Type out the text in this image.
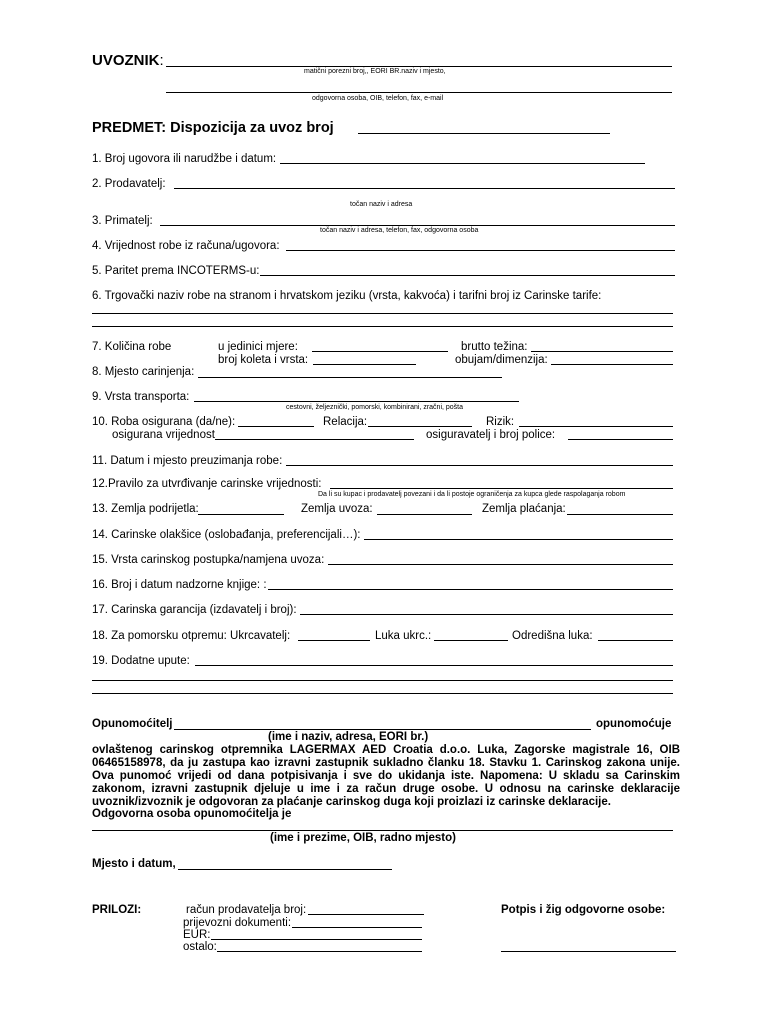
UVOZNIK:
matični porezni broj,, EORI BR.naziv i mjesto,
odgovorna osoba, OIB, telefon, fax, e-mail
PREDMET: Dispozicija za uvoz broj
1. Broj ugovora ili narudžbe i datum:
2. Prodavatelj:
točan naziv i adresa
3. Primatelj:
točan naziv i adresa, telefon, fax, odgovorna osoba
4. Vrijednost robe iz računa/ugovora:
5. Paritet prema INCOTERMS-u:
6. Trgovački naziv robe na stranom i hrvatskom jeziku (vrsta, kakvoća) i tarifni broj iz Carinske tarife:
7. Količina robe	u jedinici mjere:	brutto težina:
broj koleta i vrsta:	obujam/dimenzija:
8. Mjesto carinjenja:
9. Vrsta transporta:
cestovni, željeznički, pomorski, kombinirani, zračni, pošta
10. Roba osigurana (da/ne):	Relacija:	Rizik:
osigurana vrijednost	osiguravatelj i broj police:
11. Datum i mjesto preuzimanja robe:
12.Pravilo za utvrđivanje carinske vrijednosti:
Da li su kupac i prodavatelj povezani i da li postoje ograničenja za kupca glede raspolaganja robom
13. Zemlja podrijetla:	Zemlja uvoza:	Zemlja plaćanja:
14. Carinske olakšice (oslobađanja, preferencijali…):
15. Vrsta carinskog postupka/namjena uvoza:
16. Broj i datum nadzorne knjige: :
17. Carinska garancija (izdavatelj i broj):
18. Za pomorsku otpremu: Ukrcavatelj:	Luka ukrc.:	Odredišna luka:
19. Dodatne upute:
Opunomoćitelj	opunomoćuje
(ime i naziv, adresa, EORI br.)
ovlaštenog carinskog otpremnika LAGERMAX AED Croatia d.o.o. Luka, Zagorske magistrale 16, OIB 06465158978, da ju zastupa kao izravni zastupnik sukladno članku 18. Stavku 1. Carinskog zakona unije. Ova punomoć vrijedi od dana potpisivanja i sve do ukidanja iste. Napomena: U skladu sa Carinskim zakonom, izravni zastupnik djeluje u ime i za račun druge osobe. U odnosu na carinske deklaracije uvoznik/izvoznik je odgovoran za plaćanje carinskog duga koji proizlazi iz carinske deklaracije.
Odgovorna osoba opunomoćitelja je
(ime i prezime, OIB, radno mjesto)
Mjesto i datum,
PRILOZI:	račun prodavatelja broj:
prijevozni dokumenti:
EUR:
ostalo:
Potpis i žig odgovorne osobe:
